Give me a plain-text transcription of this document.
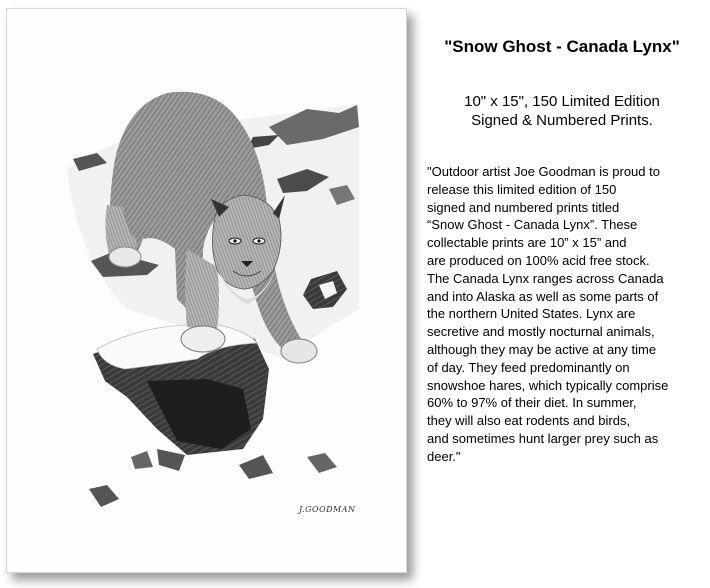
J.GOODMAN
"Snow Ghost - Canada Lynx"

10" x 15", 150 Limited Edition
Signed & Numbered Prints.

"Outdoor artist Joe Goodman is proud to
release this limited edition of 150
signed and numbered prints titled
“Snow Ghost - Canada Lynx”. These
collectable prints are 10” x 15” and
are produced on 100% acid free stock.
The Canada Lynx ranges across Canada
and into Alaska as well as some parts of
the northern United States. Lynx are
secretive and mostly nocturnal animals,
although they may be active at any time
of day. They feed predominantly on
snowshoe hares, which typically comprise
60% to 97% of their diet. In summer,
they will also eat rodents and birds,
and sometimes hunt larger prey such as
deer."
